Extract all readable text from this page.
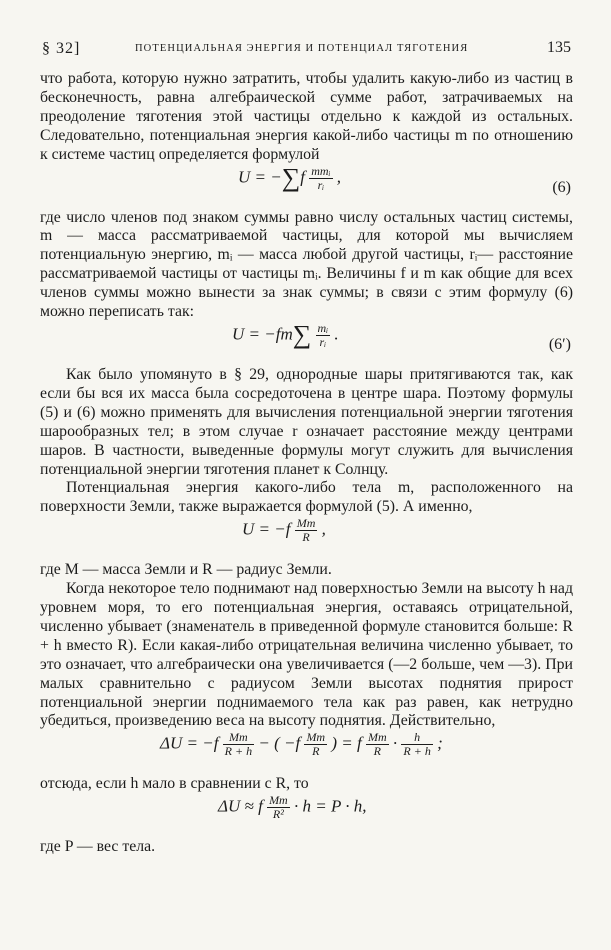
§ 32]	ПОТЕНЦИАЛЬНАЯ ЭНЕРГИЯ И ПОТЕНЦИАЛ ТЯГОТЕНИЯ	135

что работа, которую нужно затратить, чтобы удалить какую-либо из частиц в бесконечность, равна алгебраической сумме работ, затрачиваемых на преодоление тяготения этой частицы отдельно к каждой из остальных. Следовательно, потенциальная энергия какой-либо частицы m по отношению к системе частиц определяется формулой

$U = -\sum f \frac{\text{mmᵢ}}{\text{rᵢ}}$ ,
(6)

где число членов под знаком суммы равно числу остальных частиц системы, m — масса рассматриваемой частицы, для которой мы вычисляем потенциальную энергию, mᵢ — масса любой другой частицы, rᵢ— расстояние рассматриваемой частицы от частицы mᵢ. Величины f и m как общие для всех членов суммы можно вынести за знак суммы; в связи с этим формулу (6) можно переписать так:

$U = -fm\sum \frac{\text{mᵢ}}{\text{rᵢ}}$ .
(6′)

Как было упомянуто в § 29, однородные шары притягиваются так, как если бы вся их масса была сосредоточена в центре шара. Поэтому формулы (5) и (6) можно применять для вычисления потенциальной энергии тяготения шарообразных тел; в этом случае r означает расстояние между центрами шаров. В частности, выведенные формулы могут служить для вычисления потенциальной энергии тяготения планет к Солнцу.

Потенциальная энергия какого-либо тела m, расположенного на поверхности Земли, также выражается формулой (5). А именно,

$U = -f \frac{Mm}{R}$ ,

где M — масса Земли и R — радиус Земли.

Когда некоторое тело поднимают над поверхностью Земли на высоту h над уровнем моря, то его потенциальная энергия, оставаясь отрицательной, численно убывает (знаменатель в приведенной формуле становится больше: R + h вместо R). Если какая-либо отрицательная величина численно убывает, то это означает, что алгебраически она увеличивается (—2 больше, чем —3). При малых сравнительно с радиусом Земли высотах поднятия прирост потенциальной энергии поднимаемого тела как раз равен, как нетрудно убедиться, произведению веса на высоту поднятия. Действительно,

$\Delta U = -f \frac{Mm}{R + h}$ − ( $-f \frac{Mm}{R}$ ) = f $\frac{Mm}{R} \cdot \frac{h}{R + h}$ ;

отсюда, если h мало в сравнении с R, то

ΔU ≈ f $\frac{Mm}{\text{R²}} \cdot h = P \cdot h$,

где P — вес тела.
